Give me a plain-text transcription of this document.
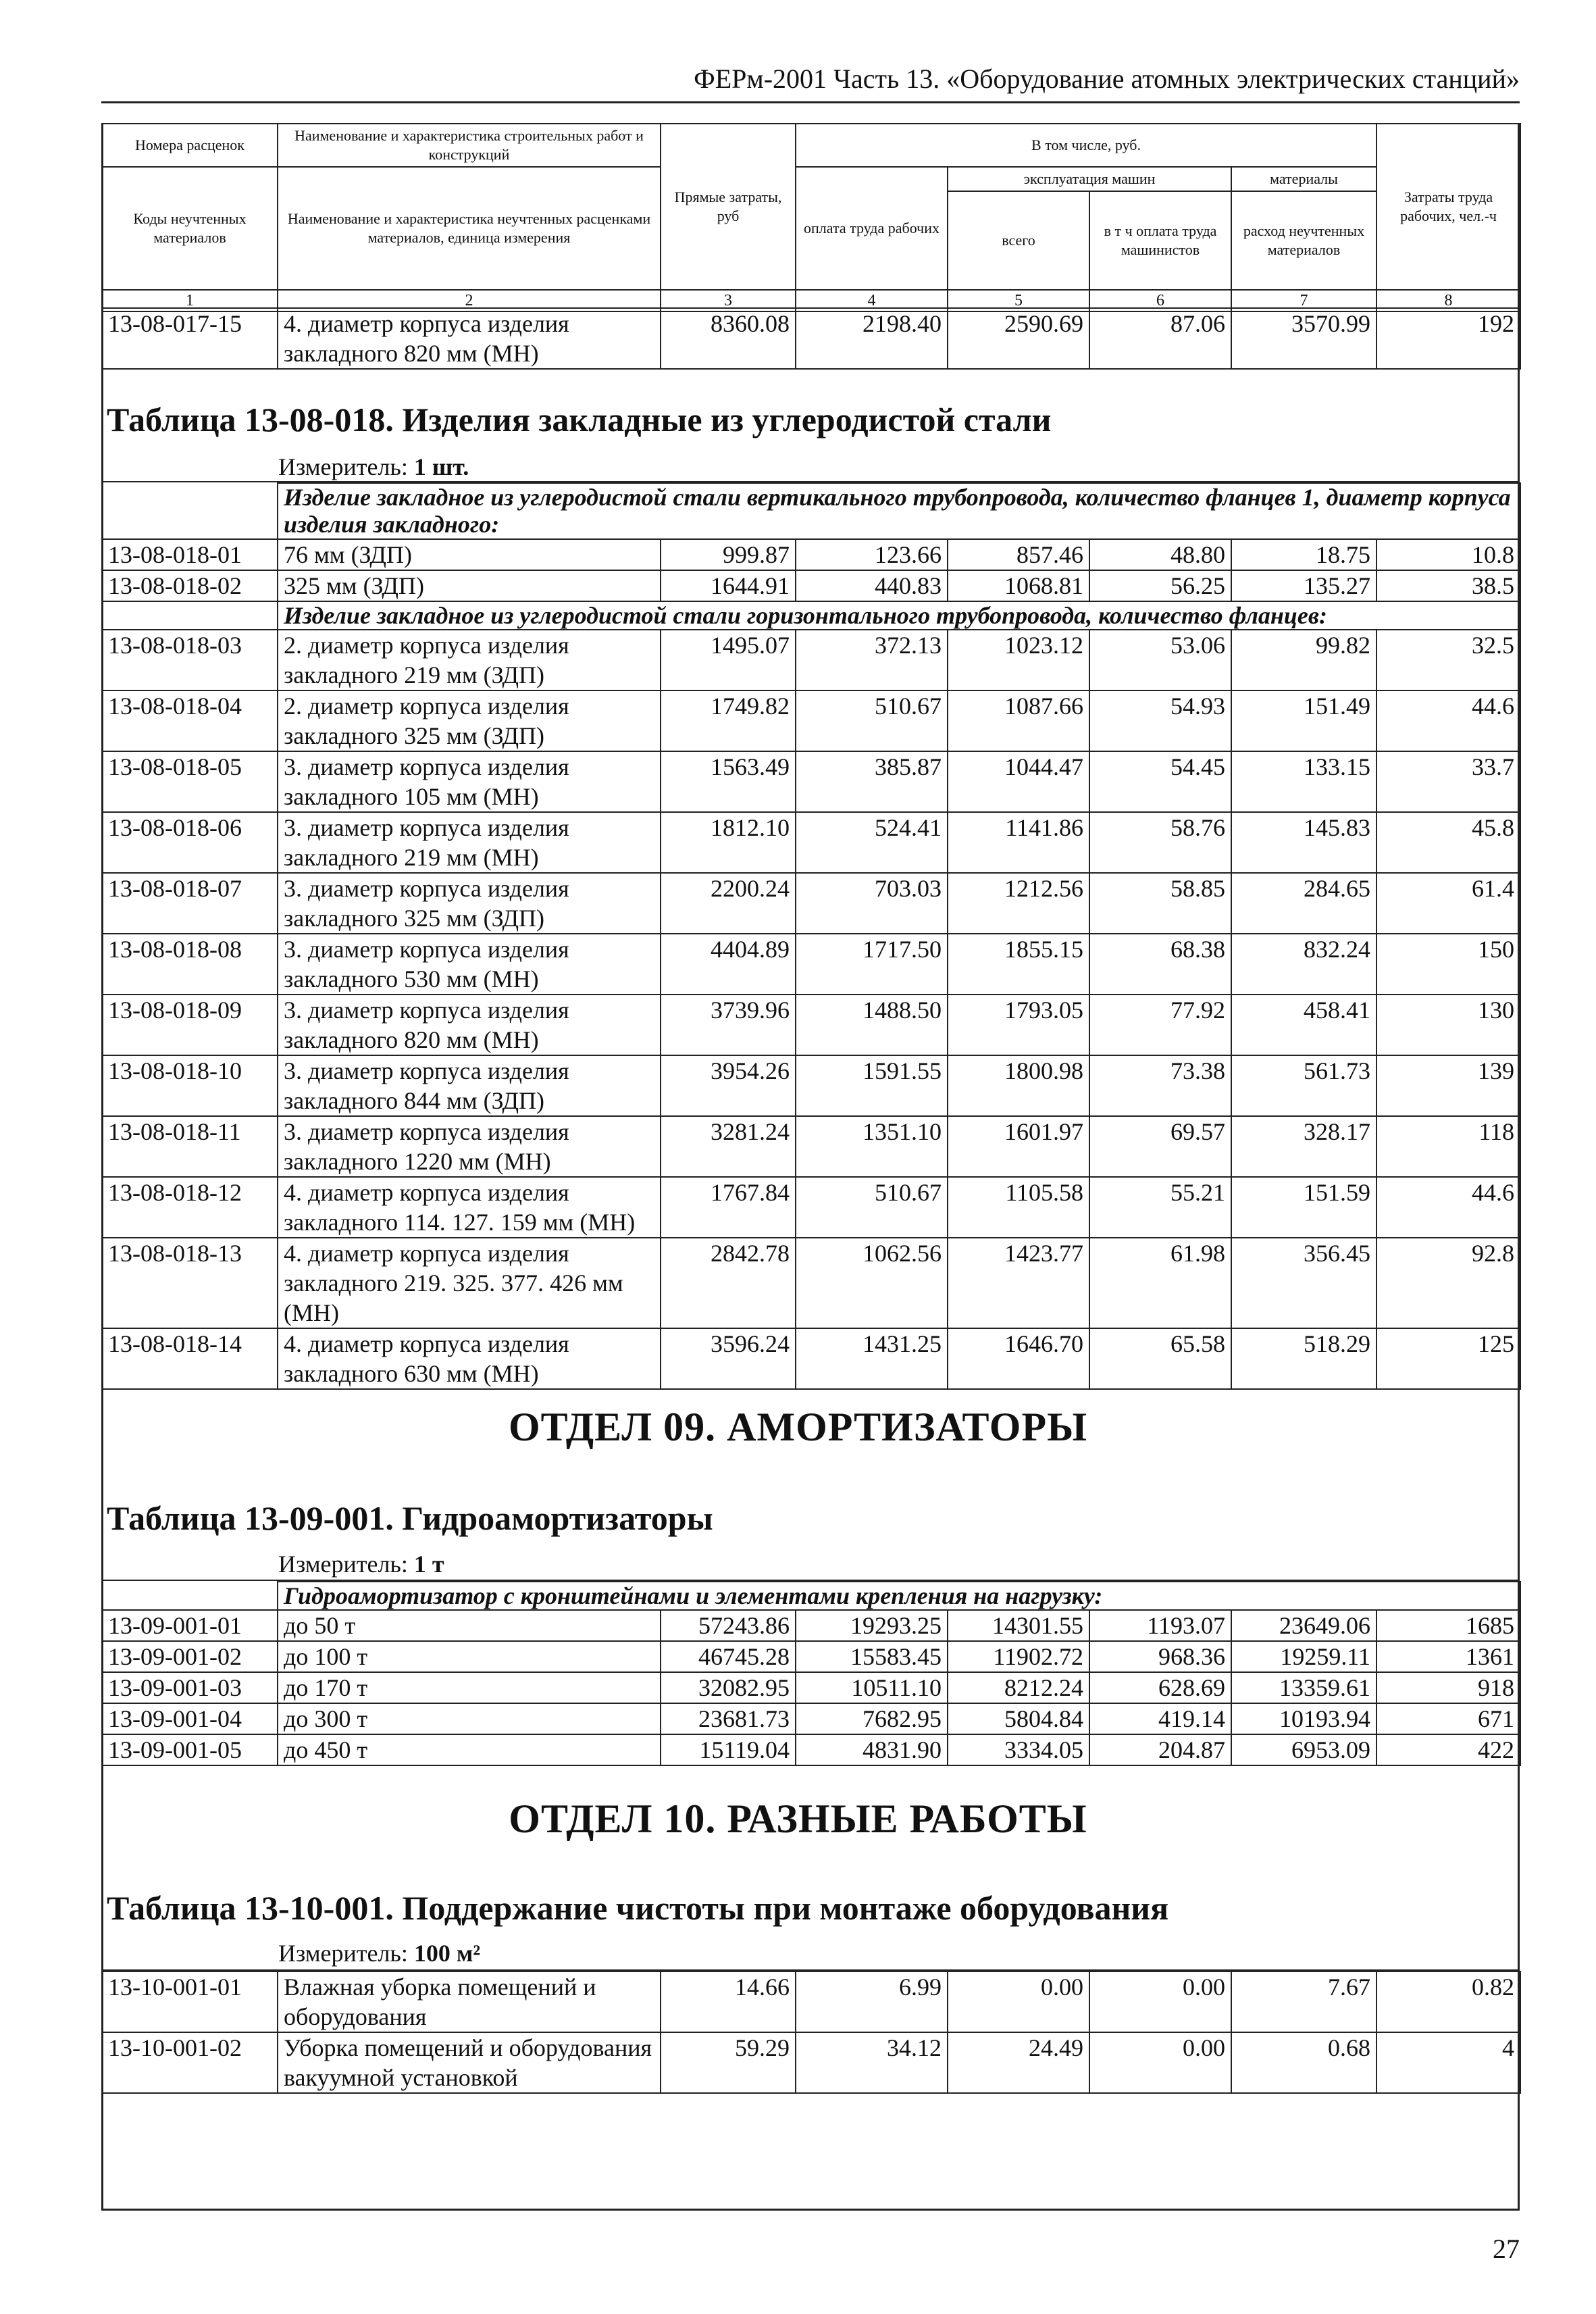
ФЕРм-2001 Часть 13. «Оборудование атомных электрических станций»
Номера расценок	Наименование и характеристика строительных работ и конструкций	Прямые затраты, руб	В том числе, руб.				Затраты труда рабочих, чел.-ч
Коды неучтенных материалов	Наименование и характеристика неучтенных расценками материалов, единица измерения		оплата труда рабочих	эксплуатация машин		материалы	
				всего	в т ч оплата труда машинистов	расход неучтенных материалов	
1	2	3	4	5	6	7	8
13-08-017-15	4. диаметр корпуса изделия закладного 820 мм (МН)	8360.08	2198.40	2590.69	87.06	3570.99	192
Таблица 13-08-018. Изделия закладные из углеродистой стали
Измеритель: 1 шт.
	Изделие закладное из углеродистой стали вертикального трубопровода, количество фланцев 1, диаметр корпуса изделия закладного:						
13-08-018-01	76 мм (ЗДП)	999.87	123.66	857.46	48.80	18.75	10.8
13-08-018-02	325 мм (ЗДП)	1644.91	440.83	1068.81	56.25	135.27	38.5
	Изделие закладное из углеродистой стали горизонтального трубопровода, количество фланцев:						
13-08-018-03	2. диаметр корпуса изделия закладного 219 мм (ЗДП)	1495.07	372.13	1023.12	53.06	99.82	32.5
13-08-018-04	2. диаметр корпуса изделия закладного 325 мм (ЗДП)	1749.82	510.67	1087.66	54.93	151.49	44.6
13-08-018-05	3. диаметр корпуса изделия закладного 105 мм (МН)	1563.49	385.87	1044.47	54.45	133.15	33.7
13-08-018-06	3. диаметр корпуса изделия закладного 219 мм (МН)	1812.10	524.41	1141.86	58.76	145.83	45.8
13-08-018-07	3. диаметр корпуса изделия закладного 325 мм (ЗДП)	2200.24	703.03	1212.56	58.85	284.65	61.4
13-08-018-08	3. диаметр корпуса изделия закладного 530 мм (МН)	4404.89	1717.50	1855.15	68.38	832.24	150
13-08-018-09	3. диаметр корпуса изделия закладного 820 мм (МН)	3739.96	1488.50	1793.05	77.92	458.41	130
13-08-018-10	3. диаметр корпуса изделия закладного 844 мм (ЗДП)	3954.26	1591.55	1800.98	73.38	561.73	139
13-08-018-11	3. диаметр корпуса изделия закладного 1220 мм (МН)	3281.24	1351.10	1601.97	69.57	328.17	118
13-08-018-12	4. диаметр корпуса изделия закладного 114. 127. 159 мм (МН)	1767.84	510.67	1105.58	55.21	151.59	44.6
13-08-018-13	4. диаметр корпуса изделия закладного 219. 325. 377. 426 мм (МН)	2842.78	1062.56	1423.77	61.98	356.45	92.8
13-08-018-14	4. диаметр корпуса изделия закладного 630 мм (МН)	3596.24	1431.25	1646.70	65.58	518.29	125
ОТДЕЛ 09. АМОРТИЗАТОРЫ
Таблица 13-09-001. Гидроамортизаторы
Измеритель: 1 т
	Гидроамортизатор с кронштейнами и элементами крепления на нагрузку:						
13-09-001-01	до 50 т	57243.86	19293.25	14301.55	1193.07	23649.06	1685
13-09-001-02	до 100 т	46745.28	15583.45	11902.72	968.36	19259.11	1361
13-09-001-03	до 170 т	32082.95	10511.10	8212.24	628.69	13359.61	918
13-09-001-04	до 300 т	23681.73	7682.95	5804.84	419.14	10193.94	671
13-09-001-05	до 450 т	15119.04	4831.90	3334.05	204.87	6953.09	422
ОТДЕЛ 10. РАЗНЫЕ РАБОТЫ
Таблица 13-10-001. Поддержание чистоты при монтаже оборудования
Измеритель: 100 м²
13-10-001-01	Влажная уборка помещений и оборудования	14.66	6.99	0.00	0.00	7.67	0.82
13-10-001-02	Уборка помещений и оборудования вакуумной установкой	59.29	34.12	24.49	0.00	0.68	4
27
